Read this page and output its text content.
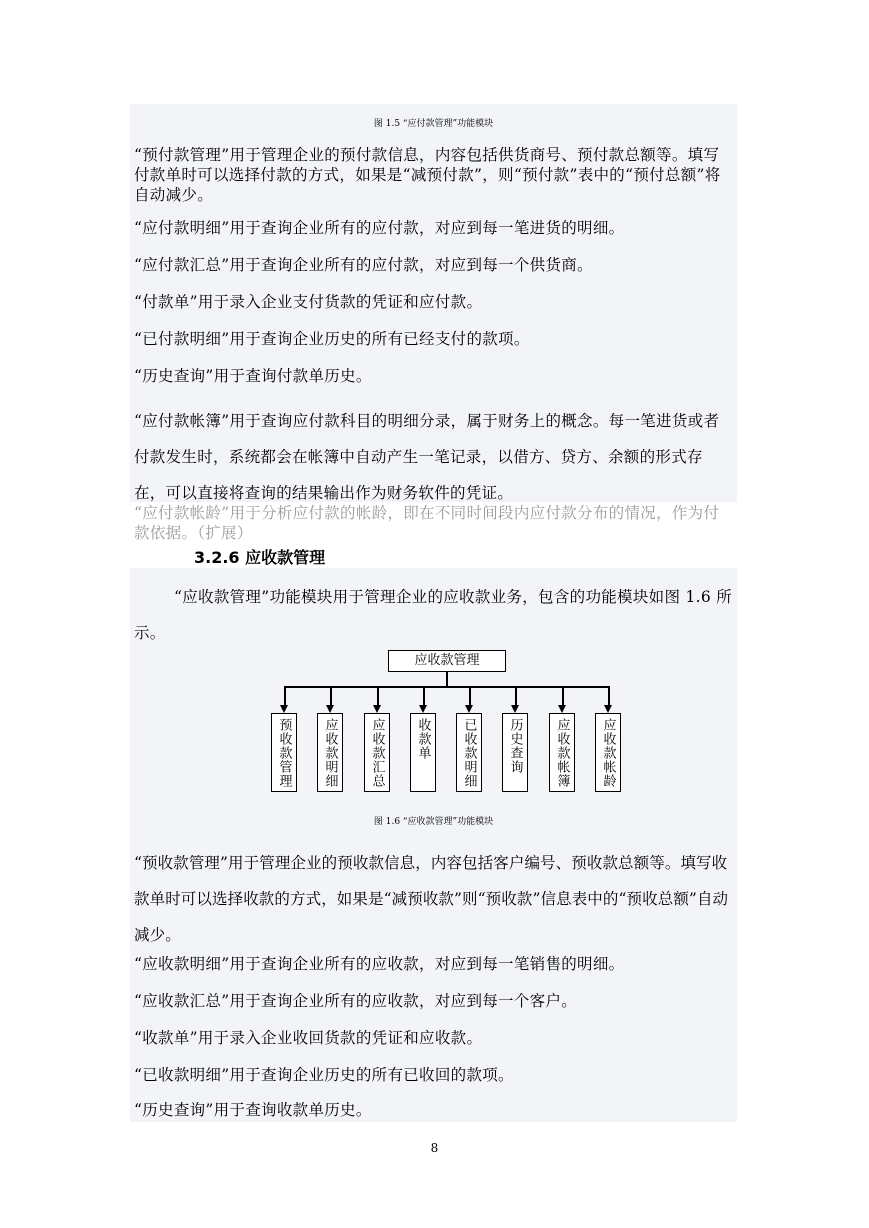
图 1.5 “应付款管理”功能模块

“预付款管理”用于管理企业的预付款信息，内容包括供货商号、预付款总额等。填写付款单时可以选择付款的方式，如果是“减预付款”，则“预付款”表中的“预付总额”将自动减少。

“应付款明细”用于查询企业所有的应付款，对应到每一笔进货的明细。

“应付款汇总”用于查询企业所有的应付款，对应到每一个供货商。

“付款单”用于录入企业支付货款的凭证和应付款。

“已付款明细”用于查询企业历史的所有已经支付的款项。

“历史查询”用于查询付款单历史。

“应付款帐簿”用于查询应付款科目的明细分录，属于财务上的概念。每一笔进货或者付款发生时，系统都会在帐簿中自动产生一笔记录，以借方、贷方、余额的形式存在，可以直接将查询的结果输出作为财务软件的凭证。

“应付款帐龄”用于分析应付款的帐龄，即在不同时间段内应付款分布的情况，作为付款依据。（扩展）

3.2.6 应收款管理

“应收款管理”功能模块用于管理企业的应收款业务，包含的功能模块如图 1.6 所示。

应收款管理
预收款管理	应收款明细	应收款汇总	收款单	已收款明细	历史查询	应收款帐簿	应收款帐龄
图 1.6 “应收款管理”功能模块

“预收款管理”用于管理企业的预收款信息，内容包括客户编号、预收款总额等。填写收款单时可以选择收款的方式，如果是“减预收款”则“预收款”信息表中的“预收总额”自动减少。

“应收款明细”用于查询企业所有的应收款，对应到每一笔销售的明细。

“应收款汇总”用于查询企业所有的应收款，对应到每一个客户。

“收款单”用于录入企业收回货款的凭证和应收款。

“已收款明细”用于查询企业历史的所有已收回的款项。

“历史查询”用于查询收款单历史。

8
